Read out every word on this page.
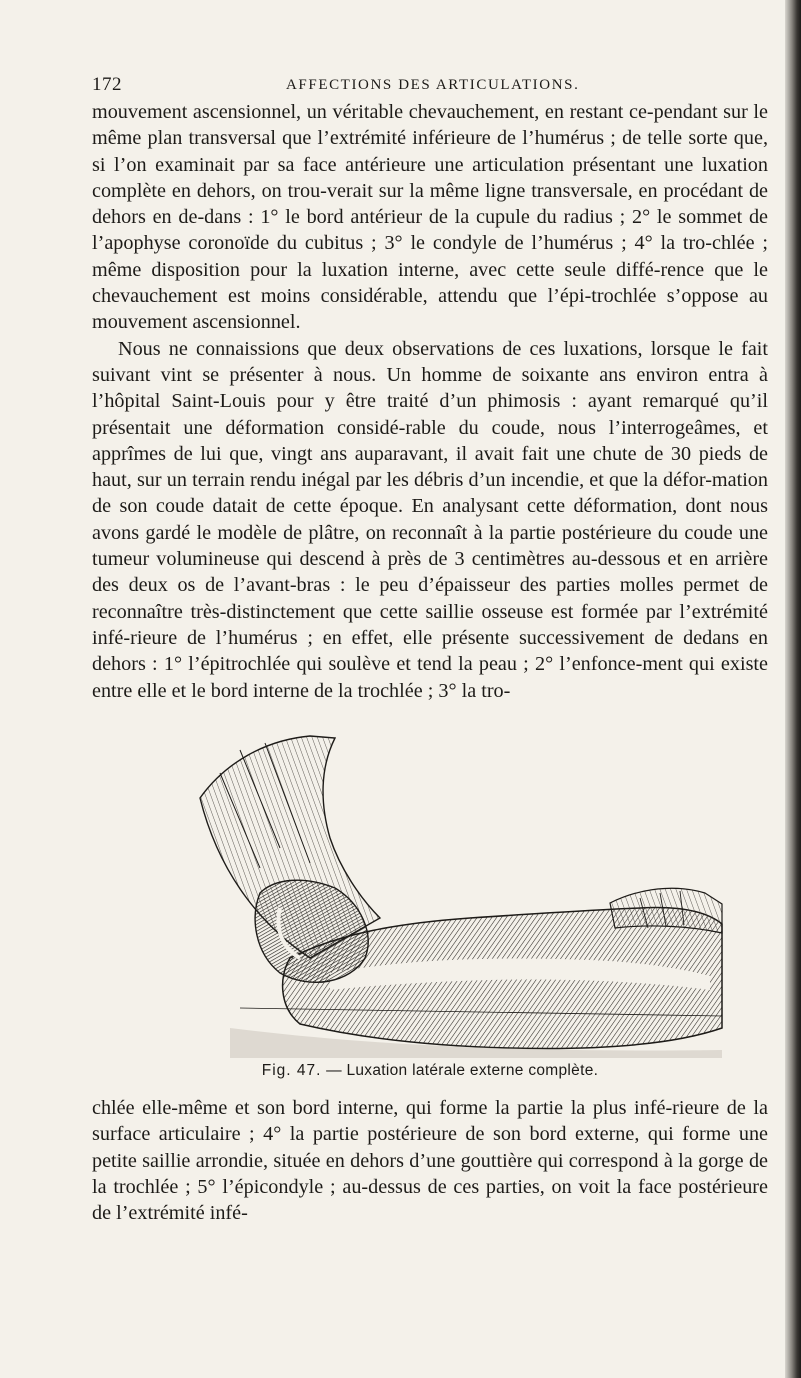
172	AFFECTIONS DES ARTICULATIONS.

mouvement ascensionnel, un véritable chevauchement, en restant ce-pendant sur le même plan transversal que l’extrémité inférieure de l’humérus ; de telle sorte que, si l’on examinait par sa face antérieure une articulation présentant une luxation complète en dehors, on trou-verait sur la même ligne transversale, en procédant de dehors en de-dans : 1° le bord antérieur de la cupule du radius ; 2° le sommet de l’apophyse coronoïde du cubitus ; 3° le condyle de l’humérus ; 4° la tro-chlée ; même disposition pour la luxation interne, avec cette seule diffé-rence que le chevauchement est moins considérable, attendu que l’épi-trochlée s’oppose au mouvement ascensionnel.

Nous ne connaissions que deux observations de ces luxations, lorsque le fait suivant vint se présenter à nous. Un homme de soixante ans environ entra à l’hôpital Saint-Louis pour y être traité d’un phimosis : ayant remarqué qu’il présentait une déformation considé-rable du coude, nous l’interrogeâmes, et apprîmes de lui que, vingt ans auparavant, il avait fait une chute de 30 pieds de haut, sur un terrain rendu inégal par les débris d’un incendie, et que la défor-mation de son coude datait de cette époque. En analysant cette déformation, dont nous avons gardé le modèle de plâtre, on reconnaît à la partie postérieure du coude une tumeur volumineuse qui descend à près de 3 centimètres au-dessous et en arrière des deux os de l’avant-bras : le peu d’épaisseur des parties molles permet de reconnaître très-distinctement que cette saillie osseuse est formée par l’extrémité infé-rieure de l’humérus ; en effet, elle présente successivement de dedans en dehors : 1° l’épitrochlée qui soulève et tend la peau ; 2° l’enfonce-ment qui existe entre elle et le bord interne de la trochlée ; 3° la tro-

Fig. 47. — Luxation latérale externe complète.

chlée elle-même et son bord interne, qui forme la partie la plus infé-rieure de la surface articulaire ; 4° la partie postérieure de son bord externe, qui forme une petite saillie arrondie, située en dehors d’une gouttière qui correspond à la gorge de la trochlée ; 5° l’épicondyle ; au-dessus de ces parties, on voit la face postérieure de l’extrémité infé-
